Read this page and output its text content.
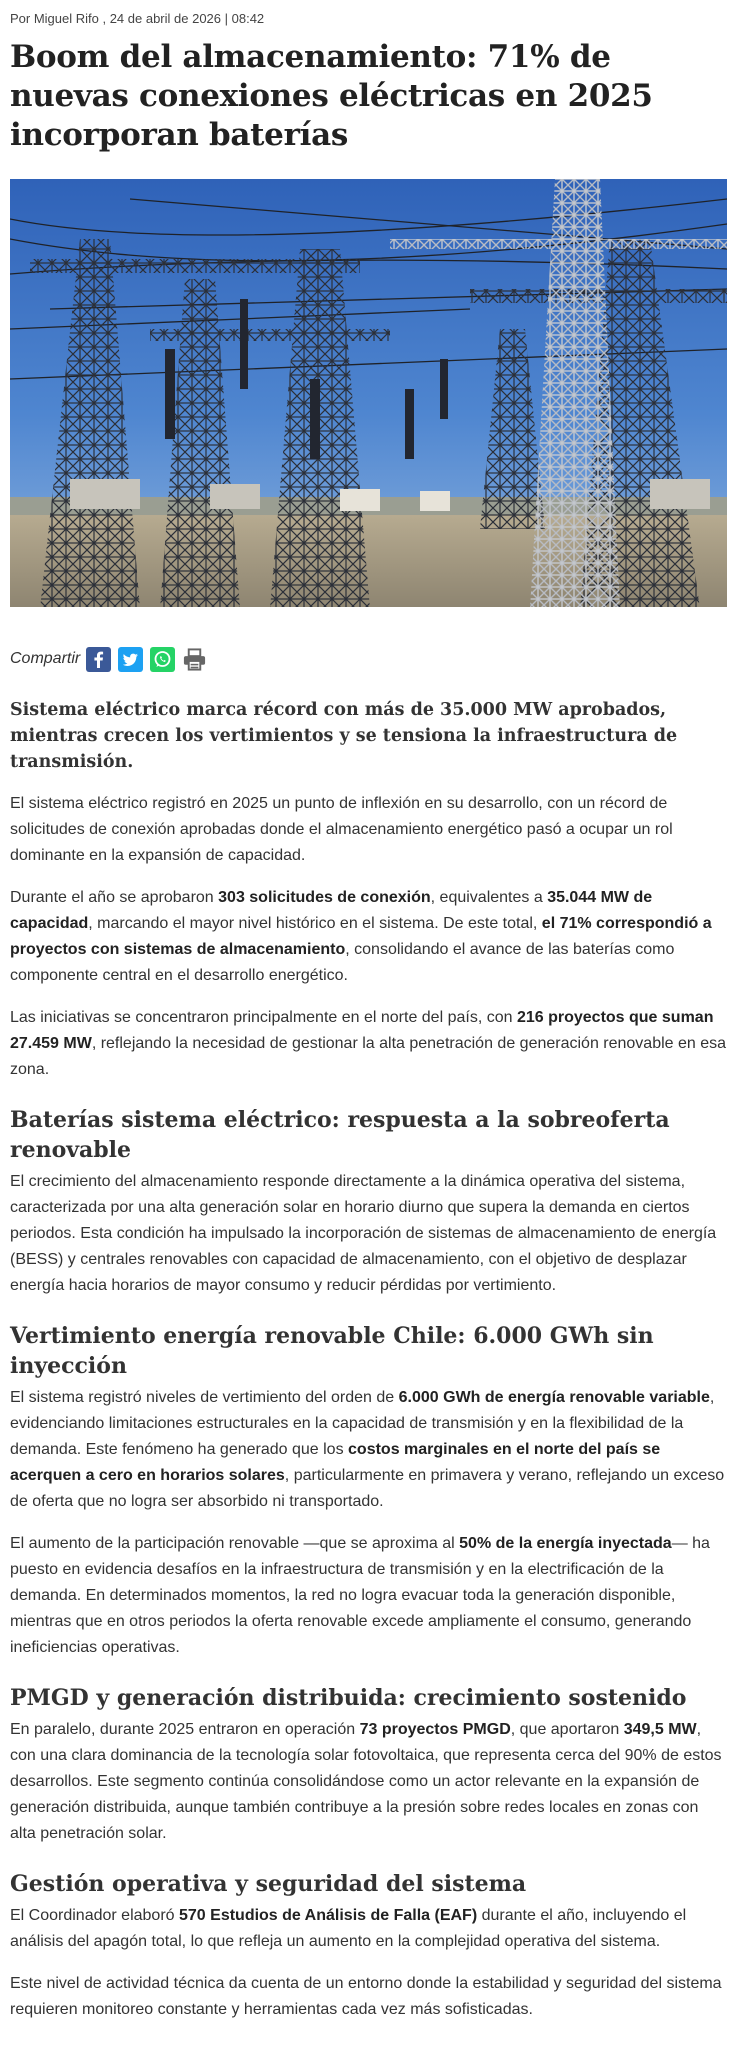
Por Miguel Rifo , 24 de abril de 2026 | 08:42

Boom del almacenamiento: 71% de nuevas conexiones eléctricas en 2025 incorporan baterías
Compartir

Sistema eléctrico marca récord con más de 35.000 MW aprobados, mientras crecen los vertimientos y se tensiona la infraestructura de transmisión.

El sistema eléctrico registró en 2025 un punto de inflexión en su desarrollo, con un récord de solicitudes de conexión aprobadas donde el almacenamiento energético pasó a ocupar un rol dominante en la expansión de capacidad.

Durante el año se aprobaron 303 solicitudes de conexión, equivalentes a 35.044 MW de capacidad, marcando el mayor nivel histórico en el sistema. De este total, el 71% correspondió a proyectos con sistemas de almacenamiento, consolidando el avance de las baterías como componente central en el desarrollo energético.

Las iniciativas se concentraron principalmente en el norte del país, con 216 proyectos que suman 27.459 MW, reflejando la necesidad de gestionar la alta penetración de generación renovable en esa zona.

Baterías sistema eléctrico: respuesta a la sobreoferta renovable

El crecimiento del almacenamiento responde directamente a la dinámica operativa del sistema, caracterizada por una alta generación solar en horario diurno que supera la demanda en ciertos periodos. Esta condición ha impulsado la incorporación de sistemas de almacenamiento de energía (BESS) y centrales renovables con capacidad de almacenamiento, con el objetivo de desplazar energía hacia horarios de mayor consumo y reducir pérdidas por vertimiento.

Vertimiento energía renovable Chile: 6.000 GWh sin inyección

El sistema registró niveles de vertimiento del orden de 6.000 GWh de energía renovable variable, evidenciando limitaciones estructurales en la capacidad de transmisión y en la flexibilidad de la demanda. Este fenómeno ha generado que los costos marginales en el norte del país se acerquen a cero en horarios solares, particularmente en primavera y verano, reflejando un exceso de oferta que no logra ser absorbido ni transportado.

El aumento de la participación renovable —que se aproxima al 50% de la energía inyectada— ha puesto en evidencia desafíos en la infraestructura de transmisión y en la electrificación de la demanda. En determinados momentos, la red no logra evacuar toda la generación disponible, mientras que en otros periodos la oferta renovable excede ampliamente el consumo, generando ineficiencias operativas.

PMGD y generación distribuida: crecimiento sostenido

En paralelo, durante 2025 entraron en operación 73 proyectos PMGD, que aportaron 349,5 MW, con una clara dominancia de la tecnología solar fotovoltaica, que representa cerca del 90% de estos desarrollos. Este segmento continúa consolidándose como un actor relevante en la expansión de generación distribuida, aunque también contribuye a la presión sobre redes locales en zonas con alta penetración solar.

Gestión operativa y seguridad del sistema

El Coordinador elaboró 570 Estudios de Análisis de Falla (EAF) durante el año, incluyendo el análisis del apagón total, lo que refleja un aumento en la complejidad operativa del sistema.

Este nivel de actividad técnica da cuenta de un entorno donde la estabilidad y seguridad del sistema requieren monitoreo constante y herramientas cada vez más sofisticadas.
